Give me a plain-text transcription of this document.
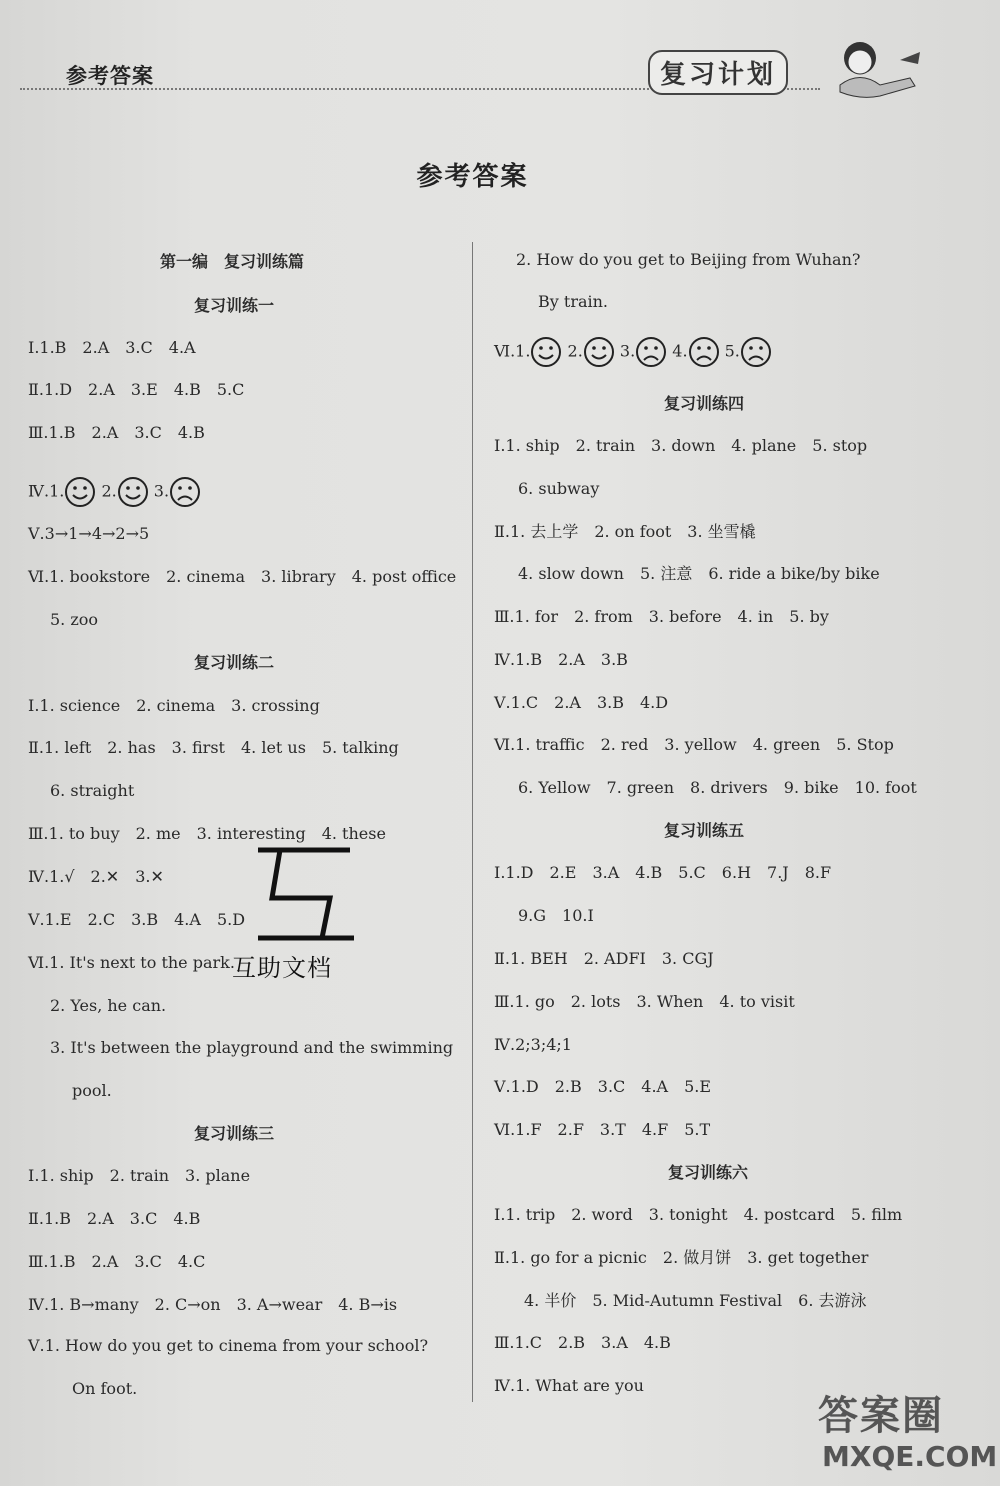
参考答案	复习计划
参考答案
第一编　复习训练篇
复习训练一
Ⅰ.1.B　2.A　3.C　4.A
Ⅱ.1.D　2.A　3.E　4.B　5.C
Ⅲ.1.B　2.A　3.C　4.B
Ⅳ.1. 2. 3.
Ⅴ.3→1→4→2→5
Ⅵ.1. bookstore　2. cinema　3. library　4. post office
5. zoo
复习训练二
Ⅰ.1. science　2. cinema　3. crossing
Ⅱ.1. left　2. has　3. first　4. let us　5. talking
6. straight
Ⅲ.1. to buy　2. me　3. interesting　4. these
Ⅳ.1.√　2.✕　3.✕
Ⅴ.1.E　2.C　3.B　4.A　5.D
Ⅵ.1. It's next to the park.
2. Yes, he can.
3. It's between the playground and the swimming
pool.
复习训练三
Ⅰ.1. ship　2. train　3. plane
Ⅱ.1.B　2.A　3.C　4.B
Ⅲ.1.B　2.A　3.C　4.C
Ⅳ.1. B→many　2. C→on　3. A→wear　4. B→is
Ⅴ.1. How do you get to cinema from your school?
On foot.
2. How do you get to Beijing from Wuhan?
By train.
Ⅵ.1. 2. 3. 4. 5.
复习训练四
Ⅰ.1. ship　2. train　3. down　4. plane　5. stop
6. subway
Ⅱ.1. 去上学　2. on foot　3. 坐雪橇
4. slow down　5. 注意　6. ride a bike/by bike
Ⅲ.1. for　2. from　3. before　4. in　5. by
Ⅳ.1.B　2.A　3.B
Ⅴ.1.C　2.A　3.B　4.D
Ⅵ.1. traffic　2. red　3. yellow　4. green　5. Stop
6. Yellow　7. green　8. drivers　9. bike　10. foot
复习训练五
Ⅰ.1.D　2.E　3.A　4.B　5.C　6.H　7.J　8.F
9.G　10.I
Ⅱ.1. BEH　2. ADFI　3. CGJ
Ⅲ.1. go　2. lots　3. When　4. to visit
Ⅳ.2;3;4;1
Ⅴ.1.D　2.B　3.C　4.A　5.E
Ⅵ.1.F　2.F　3.T　4.F　5.T
复习训练六
Ⅰ.1. trip　2. word　3. tonight　4. postcard　5. film
Ⅱ.1. go for a picnic　2. 做月饼　3. get together
4. 半价　5. Mid-Autumn Festival　6. 去游泳
Ⅲ.1.C　2.B　3.A　4.B
Ⅳ.1. What are you
互助文档
答案圈
MXQE.COM
